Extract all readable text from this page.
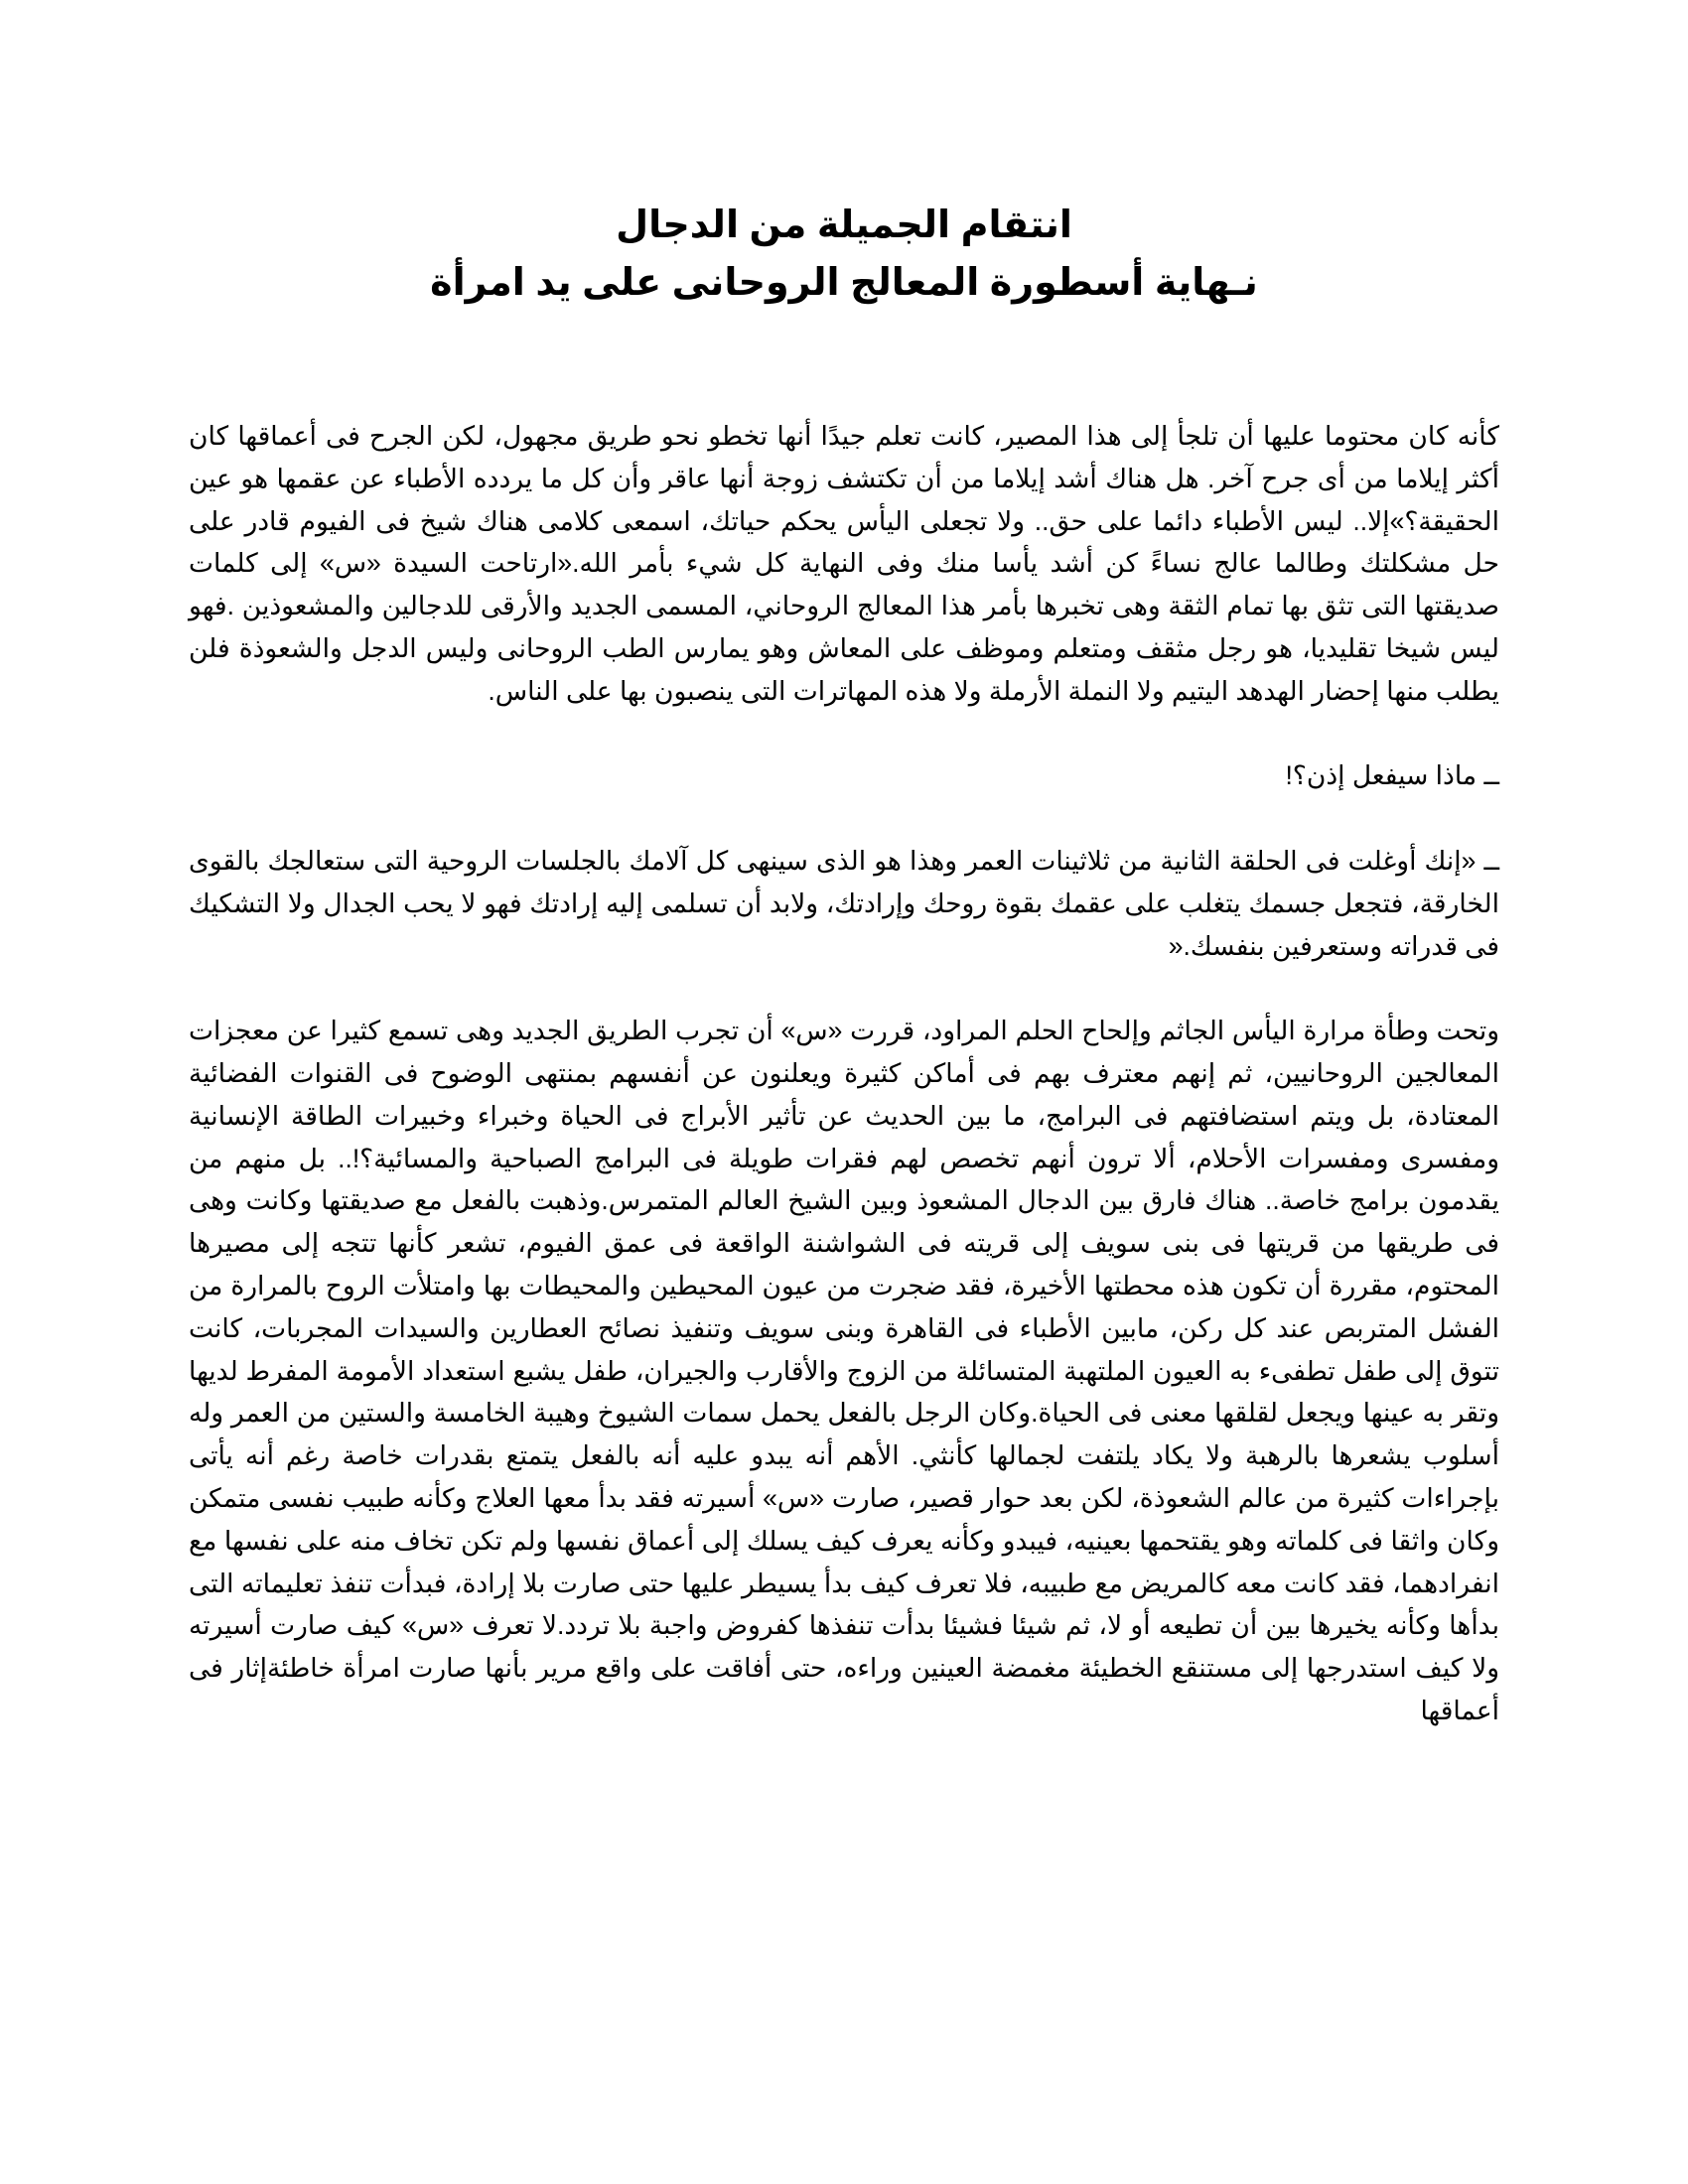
انتقام الجميلة من الدجال
نـهاية أسطورة المعالج الروحانى على يد امرأة

كأنه كان محتوما عليها أن تلجأ إلى هذا المصير، كانت تعلم جيدًا أنها تخطو نحو طريق مجهول، لكن الجرح فى أعماقها كان أكثر إيلاما من أى جرح آخر. هل هناك أشد إيلاما من أن تكتشف زوجة أنها عاقر وأن كل ما يردده الأطباء عن عقمها هو عين الحقيقة؟»إلا.. ليس الأطباء دائما على حق.. ولا تجعلى اليأس يحكم حياتك، اسمعى كلامى هناك شيخ فى الفيوم قادر على حل مشكلتك وطالما عالج نساءً كن أشد يأسا منك وفى النهاية كل شيء بأمر الله.«ارتاحت السيدة «س» إلى كلمات صديقتها التى تثق بها تمام الثقة وهى تخبرها بأمر هذا المعالج الروحاني، المسمى الجديد والأرقى للدجالين والمشعوذين .فهو ليس شيخا تقليديا، هو رجل مثقف ومتعلم وموظف على المعاش وهو يمارس الطب الروحانى وليس الدجل والشعوذة فلن يطلب منها إحضار الهدهد اليتيم ولا النملة الأرملة ولا هذه المهاترات التى ينصبون بها على الناس.

ــ ماذا سيفعل إذن؟!

ــ «إنك أوغلت فى الحلقة الثانية من ثلاثينات العمر وهذا هو الذى سينهى كل آلامك بالجلسات الروحية التى ستعالجك بالقوى الخارقة، فتجعل جسمك يتغلب على عقمك بقوة روحك وإرادتك، ولابد أن تسلمى إليه إرادتك فهو لا يحب الجدال ولا التشكيك فى قدراته وستعرفين بنفسك.«

وتحت وطأة مرارة اليأس الجاثم وإلحاح الحلم المراود، قررت «س» أن تجرب الطريق الجديد وهى تسمع كثيرا عن معجزات المعالجين الروحانيين، ثم إنهم معترف بهم فى أماكن كثيرة ويعلنون عن أنفسهم بمنتهى الوضوح فى القنوات الفضائية المعتادة، بل ويتم استضافتهم فى البرامج، ما بين الحديث عن تأثير الأبراج فى الحياة وخبراء وخبيرات الطاقة الإنسانية ومفسرى ومفسرات الأحلام، ألا ترون أنهم تخصص لهم فقرات طويلة فى البرامج الصباحية والمسائية؟!.. بل منهم من يقدمون برامج خاصة.. هناك فارق بين الدجال المشعوذ وبين الشيخ العالم المتمرس.وذهبت بالفعل مع صديقتها وكانت وهى فى طريقها من قريتها فى بنى سويف إلى قريته فى الشواشنة الواقعة فى عمق الفيوم، تشعر كأنها تتجه إلى مصيرها المحتوم، مقررة أن تكون هذه محطتها الأخيرة، فقد ضجرت من عيون المحيطين والمحيطات بها وامتلأت الروح بالمرارة من الفشل المتربص عند كل ركن، مابين الأطباء فى القاهرة وبنى سويف وتنفيذ نصائح العطارين والسيدات المجربات، كانت تتوق إلى طفل تطفىء به العيون الملتهبة المتسائلة من الزوج والأقارب والجيران، طفل يشبع استعداد الأمومة المفرط لديها وتقر به عينها ويجعل لقلقها معنى فى الحياة.وكان الرجل بالفعل يحمل سمات الشيوخ وهيبة الخامسة والستين من العمر وله أسلوب يشعرها بالرهبة ولا يكاد يلتفت لجمالها كأنثي. الأهم أنه يبدو عليه أنه بالفعل يتمتع بقدرات خاصة رغم أنه يأتى بإجراءات كثيرة من عالم الشعوذة، لكن بعد حوار قصير، صارت «س» أسيرته فقد بدأ معها العلاج وكأنه طبيب نفسى متمكن وكان واثقا فى كلماته وهو يقتحمها بعينيه، فيبدو وكأنه يعرف كيف يسلك إلى أعماق نفسها ولم تكن تخاف منه على نفسها مع انفرادهما، فقد كانت معه كالمريض مع طبيبه، فلا تعرف كيف بدأ يسيطر عليها حتى صارت بلا إرادة، فبدأت تنفذ تعليماته التى بدأها وكأنه يخيرها بين أن تطيعه أو لا، ثم شيئا فشيئا بدأت تنفذها كفروض واجبة بلا تردد.لا تعرف «س» كيف صارت أسيرته ولا كيف استدرجها إلى مستنقع الخطيئة مغمضة العينين وراءه، حتى أفاقت على واقع مرير بأنها صارت امرأة خاطئةإثار فى أعماقها
